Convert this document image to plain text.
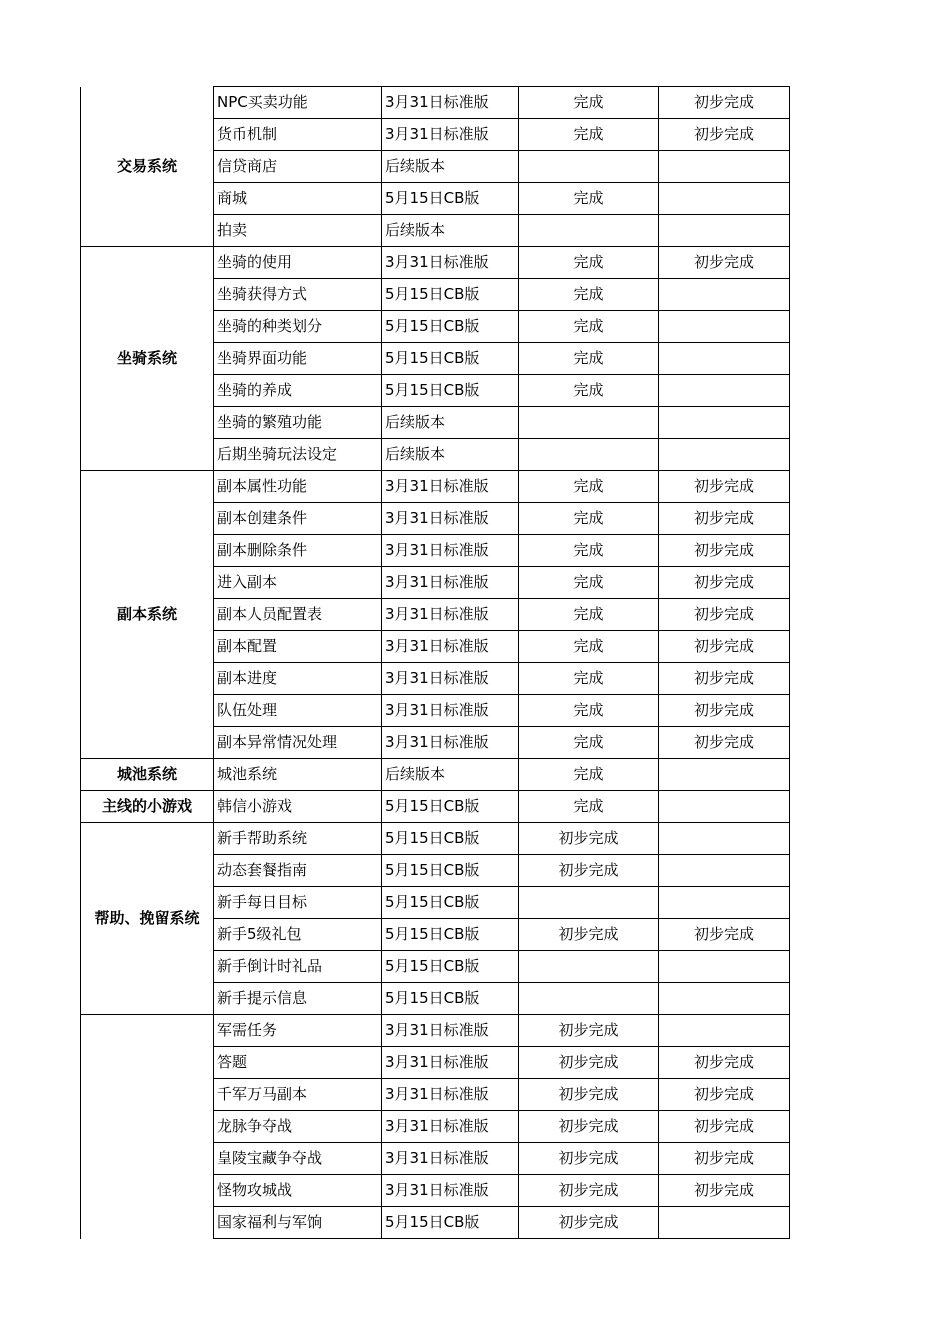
交易系统	NPC买卖功能	3月31日标准版	完成	初步完成
	货币机制	3月31日标准版	完成	初步完成
	信贷商店	后续版本		
	商城	5月15日CB版	完成	
	拍卖	后续版本		
坐骑系统	坐骑的使用	3月31日标准版	完成	初步完成
	坐骑获得方式	5月15日CB版	完成	
	坐骑的种类划分	5月15日CB版	完成	
	坐骑界面功能	5月15日CB版	完成	
	坐骑的养成	5月15日CB版	完成	
	坐骑的繁殖功能	后续版本		
	后期坐骑玩法设定	后续版本		
副本系统	副本属性功能	3月31日标准版	完成	初步完成
	副本创建条件	3月31日标准版	完成	初步完成
	副本删除条件	3月31日标准版	完成	初步完成
	进入副本	3月31日标准版	完成	初步完成
	副本人员配置表	3月31日标准版	完成	初步完成
	副本配置	3月31日标准版	完成	初步完成
	副本进度	3月31日标准版	完成	初步完成
	队伍处理	3月31日标准版	完成	初步完成
	副本异常情况处理	3月31日标准版	完成	初步完成
城池系统	城池系统	后续版本	完成	
主线的小游戏	韩信小游戏	5月15日CB版	完成	
帮助、挽留系统	新手帮助系统	5月15日CB版	初步完成	
	动态套餐指南	5月15日CB版	初步完成	
	新手每日目标	5月15日CB版		
	新手5级礼包	5月15日CB版	初步完成	初步完成
	新手倒计时礼品	5月15日CB版		
	新手提示信息	5月15日CB版		
	军需任务	3月31日标准版	初步完成	
	答题	3月31日标准版	初步完成	初步完成
	千军万马副本	3月31日标准版	初步完成	初步完成
	龙脉争夺战	3月31日标准版	初步完成	初步完成
	皇陵宝藏争夺战	3月31日标准版	初步完成	初步完成
	怪物攻城战	3月31日标准版	初步完成	初步完成
	国家福利与军饷	5月15日CB版	初步完成	
